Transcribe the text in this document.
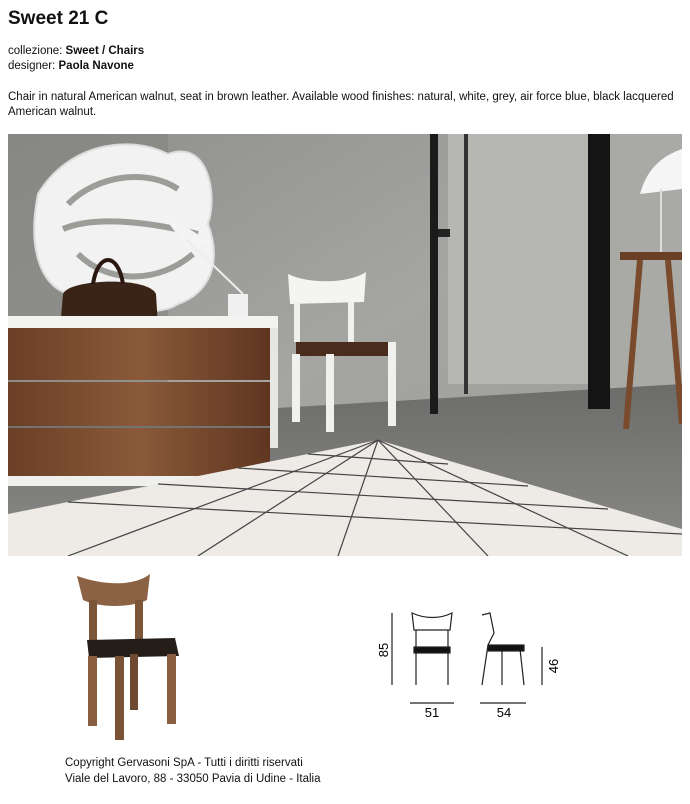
Sweet 21 C
collezione: Sweet / Chairs
designer: Paola Navone
Chair in natural American walnut, seat in brown leather. Available wood finishes: natural, white, grey, air force blue, black lacquered American walnut.
85
46
51	54
Copyright Gervasoni SpA - Tutti i diritti riservati
Viale del Lavoro, 88 - 33050 Pavia di Udine - Italia
